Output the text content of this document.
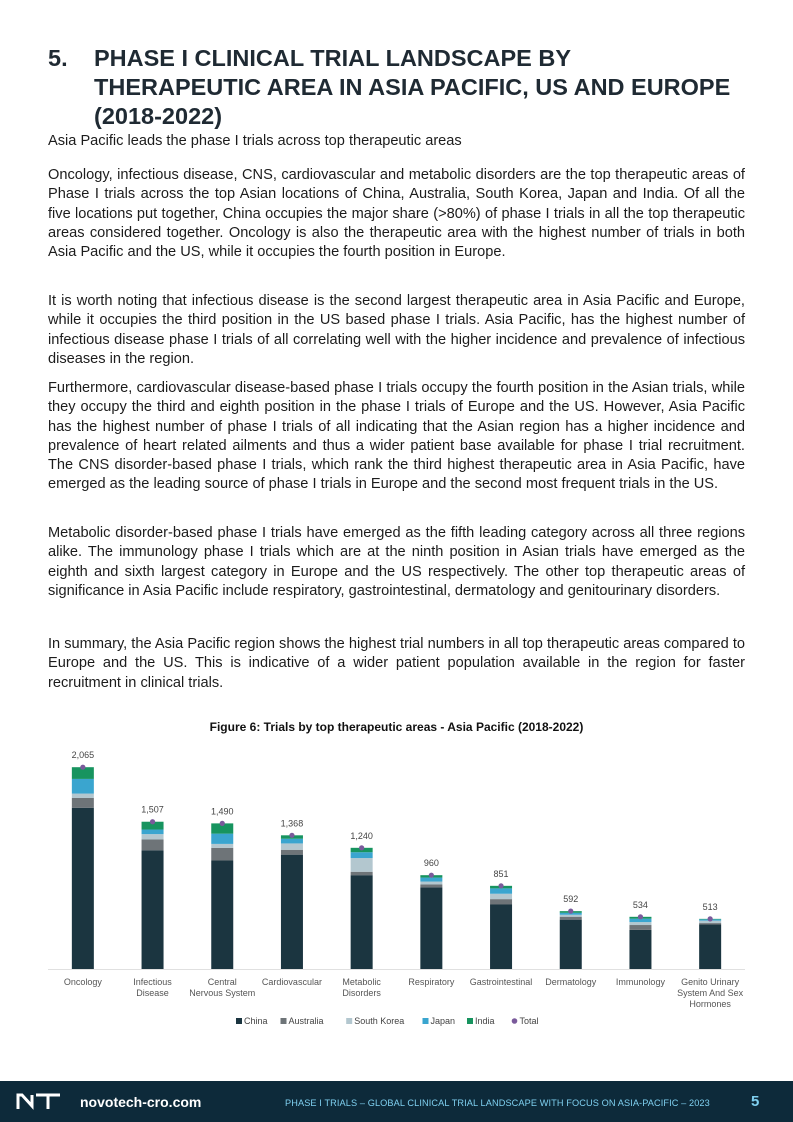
5. PHASE I CLINICAL TRIAL LANDSCAPE BY THERAPEUTIC AREA IN ASIA PACIFIC, US AND EUROPE (2018-2022)

Asia Pacific leads the phase I trials across top therapeutic areas

Oncology, infectious disease, CNS, cardiovascular and metabolic disorders are the top therapeutic areas of Phase I trials across the top Asian locations of China, Australia, South Korea, Japan and India. Of all the five locations put together, China occupies the major share (>80%) of phase I trials in all the top therapeutic areas considered together. Oncology is also the therapeutic area with the highest number of trials in both Asia Pacific and the US, while it occupies the fourth position in Europe.

It is worth noting that infectious disease is the second largest therapeutic area in Asia Pacific and Europe, while it occupies the third position in the US based phase I trials. Asia Pacific, has the highest number of infectious disease phase I trials of all correlating well with the higher incidence and prevalence of infectious diseases in the region.

Furthermore, cardiovascular disease-based phase I trials occupy the fourth position in the Asian trials, while they occupy the third and eighth position in the phase I trials of Europe and the US. However, Asia Pacific has the highest number of phase I trials of all indicating that the Asian region has a higher incidence and prevalence of heart related ailments and thus a wider patient base available for phase I trial recruitment. The CNS disorder-based phase I trials, which rank the third highest therapeutic area in Asia Pacific, have emerged as the leading source of phase I trials in Europe and the second most frequent trials in the US.

Metabolic disorder-based phase I trials have emerged as the fifth leading category across all three regions alike. The immunology phase I trials which are at the ninth position in Asian trials have emerged as the eighth and sixth largest category in Europe and the US respectively. The other top therapeutic areas of significance in Asia Pacific include respiratory, gastrointestinal, dermatology and genitourinary disorders.

In summary, the Asia Pacific region shows the highest trial numbers in all top therapeutic areas compared to Europe and the US. This is indicative of a wider patient population available in the region for faster recruitment in clinical trials.

Figure 6: Trials by top therapeutic areas - Asia Pacific (2018-2022)
2,065
Oncology
1,507
Infectious Disease
1,490
Central Nervous System
1,368
Cardiovascular
1,240
Metabolic Disorders
960
Respiratory
851
Gastrointestinal
592
Dermatology
534
Immunology
513
Genito Urinary System And Sex Hormones
China Australia	South Korea	Japan India	Total
novotech-cro.com	PHASE I TRIALS – GLOBAL CLINICAL TRIAL LANDSCAPE WITH FOCUS ON ASIA-PACIFIC – 2023	5
